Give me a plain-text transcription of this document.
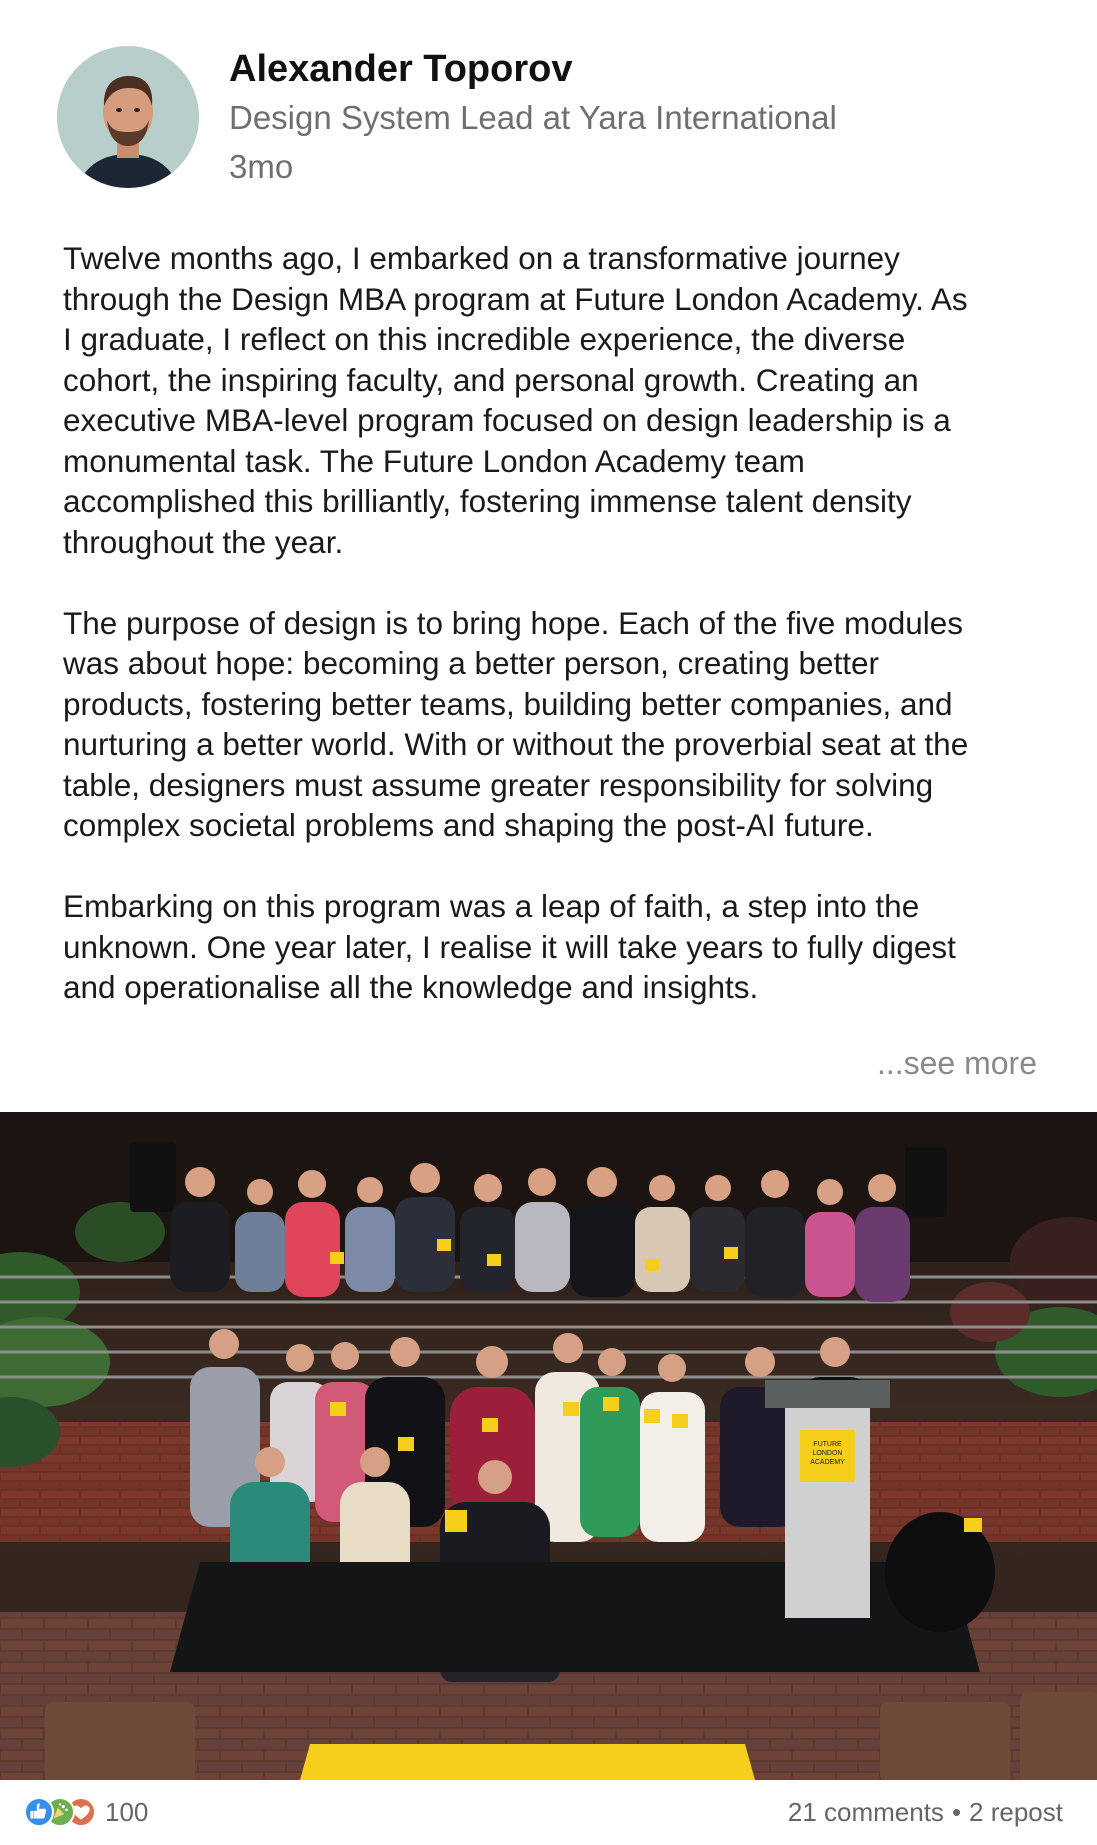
Alexander Toporov
Design System Lead at Yara International
3mo

Twelve months ago, I embarked on a transformative journey
through the Design MBA program at Future London Academy. As
I graduate, I reflect on this incredible experience, the diverse
cohort, the inspiring faculty, and personal growth. Creating an
executive MBA-level program focused on design leadership is a
monumental task. The Future London Academy team
accomplished this brilliantly, fostering immense talent density
throughout the year.

The purpose of design is to bring hope. Each of the five modules
was about hope: becoming a better person, creating better
products, fostering better teams, building better companies, and
nurturing a better world. With or without the proverbial seat at the
table, designers must assume greater responsibility for solving
complex societal problems and shaping the post-AI future.

Embarking on this program was a leap of faith, a step into the
unknown. One year later, I realise it will take years to fully digest
and operationalise all the knowledge and insights.

...see more
FUTURE
LONDON
ACADEMY
100	21 comments • 2 repost
